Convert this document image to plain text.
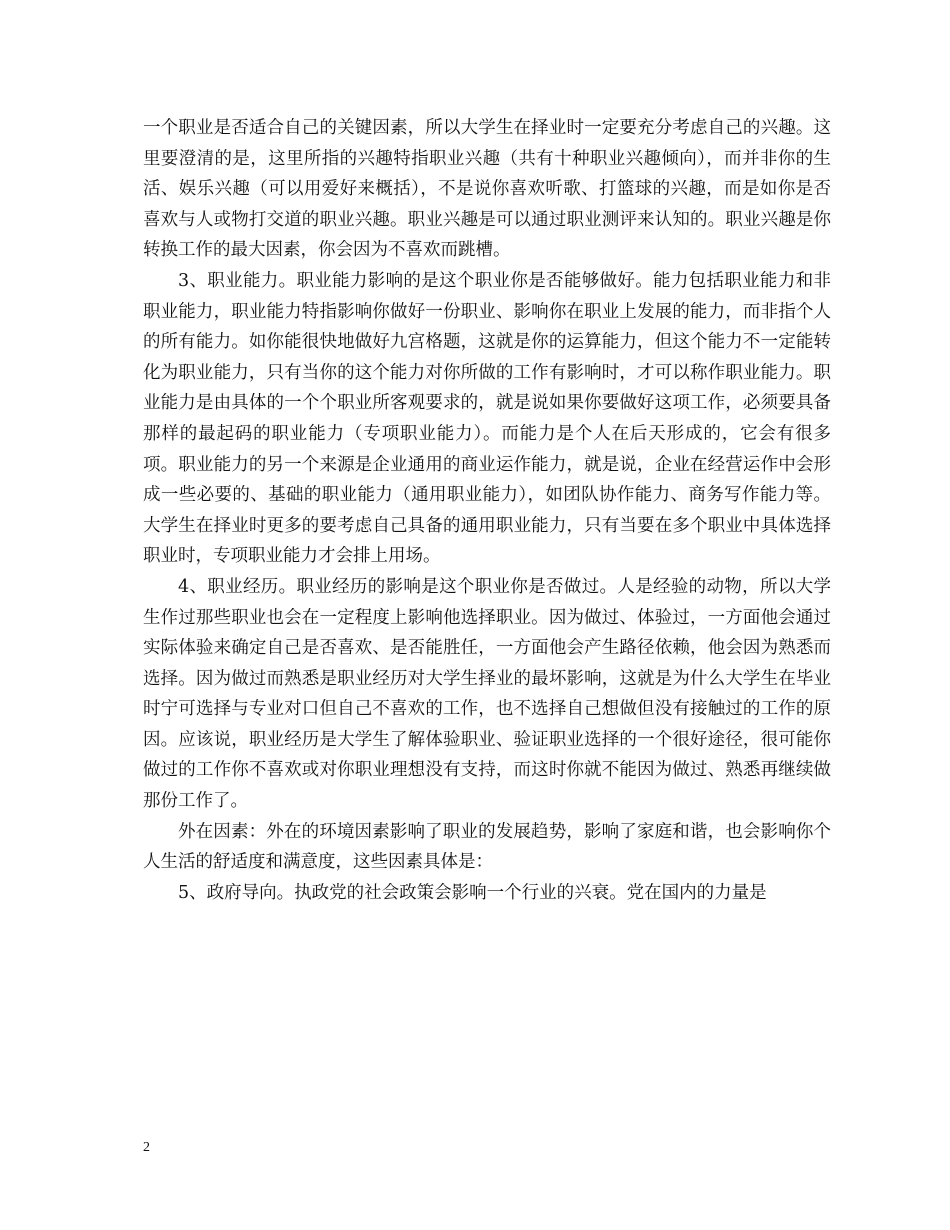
一个职业是否适合自己的关键因素，所以大学生在择业时一定要充分考虑自己的兴趣。这里要澄清的是，这里所指的兴趣特指职业兴趣（共有十种职业兴趣倾向），而并非你的生活、娱乐兴趣（可以用爱好来概括），不是说你喜欢听歌、打篮球的兴趣，而是如你是否喜欢与人或物打交道的职业兴趣。职业兴趣是可以通过职业测评来认知的。职业兴趣是你转换工作的最大因素，你会因为不喜欢而跳槽。

3、职业能力。职业能力影响的是这个职业你是否能够做好。能力包括职业能力和非职业能力，职业能力特指影响你做好一份职业、影响你在职业上发展的能力，而非指个人的所有能力。如你能很快地做好九宫格题，这就是你的运算能力，但这个能力不一定能转化为职业能力，只有当你的这个能力对你所做的工作有影响时，才可以称作职业能力。职业能力是由具体的一个个职业所客观要求的，就是说如果你要做好这项工作，必须要具备那样的最起码的职业能力（专项职业能力）。而能力是个人在后天形成的，它会有很多项。职业能力的另一个来源是企业通用的商业运作能力，就是说，企业在经营运作中会形成一些必要的、基础的职业能力（通用职业能力），如团队协作能力、商务写作能力等。大学生在择业时更多的要考虑自己具备的通用职业能力，只有当要在多个职业中具体选择职业时，专项职业能力才会排上用场。

4、职业经历。职业经历的影响是这个职业你是否做过。人是经验的动物，所以大学生作过那些职业也会在一定程度上影响他选择职业。因为做过、体验过，一方面他会通过实际体验来确定自己是否喜欢、是否能胜任，一方面他会产生路径依赖，他会因为熟悉而选择。因为做过而熟悉是职业经历对大学生择业的最坏影响，这就是为什么大学生在毕业时宁可选择与专业对口但自己不喜欢的工作，也不选择自己想做但没有接触过的工作的原因。应该说，职业经历是大学生了解体验职业、验证职业选择的一个很好途径，很可能你做过的工作你不喜欢或对你职业理想没有支持，而这时你就不能因为做过、熟悉再继续做那份工作了。

外在因素：外在的环境因素影响了职业的发展趋势，影响了家庭和谐，也会影响你个人生活的舒适度和满意度，这些因素具体是：

5、政府导向。执政党的社会政策会影响一个行业的兴衰。党在国内的力量是

2
